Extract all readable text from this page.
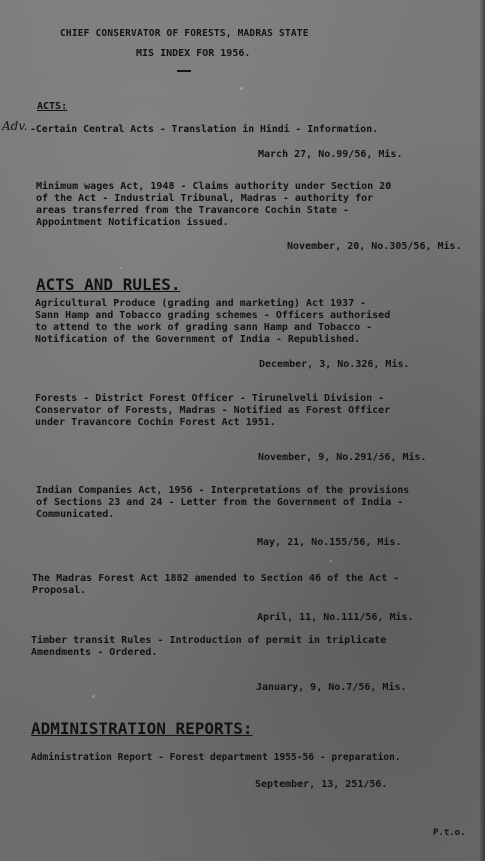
CHIEF CONSERVATOR OF FORESTS, MADRAS STATE
MIS INDEX FOR 1956.
ACTS:
Adv. -Certain Central Acts - Translation in Hindi - Information.
March 27, No.99/56, Mis.
Minimum wages Act, 1948 - Claims authority under Section 20
of the Act - Industrial Tribunal, Madras - authority for
areas transferred from the Travancore Cochin State -
Appointment Notification issued.
November, 20, No.305/56, Mis.
ACTS AND RULES.
Agricultural Produce (grading and marketing) Act 1937 -
Sann Hamp and Tobacco grading schemes - Officers authorised
to attend to the work of grading sann Hamp and Tobacco -
Notification of the Government of India - Republished.
December, 3, No.326, Mis.
Forests - District Forest Officer - Tirunelveli Division -
Conservator of Forests, Madras - Notified as Forest Officer
under Travancore Cochin Forest Act 1951.
November, 9, No.291/56, Mis.
Indian Companies Act, 1956 - Interpretations of the provisions
of Sections 23 and 24 - Letter from the Government of India -
Communicated.
May, 21, No.155/56, Mis.
The Madras Forest Act 1882 amended to Section 46 of the Act -
Proposal.
April, 11, No.111/56, Mis.
Timber transit Rules - Introduction of permit in triplicate
Amendments - Ordered.
January, 9, No.7/56, Mis.
ADMINISTRATION REPORTS:
Administration Report - Forest department 1955-56 - preparation.
September, 13, 251/56.
P.t.o.
